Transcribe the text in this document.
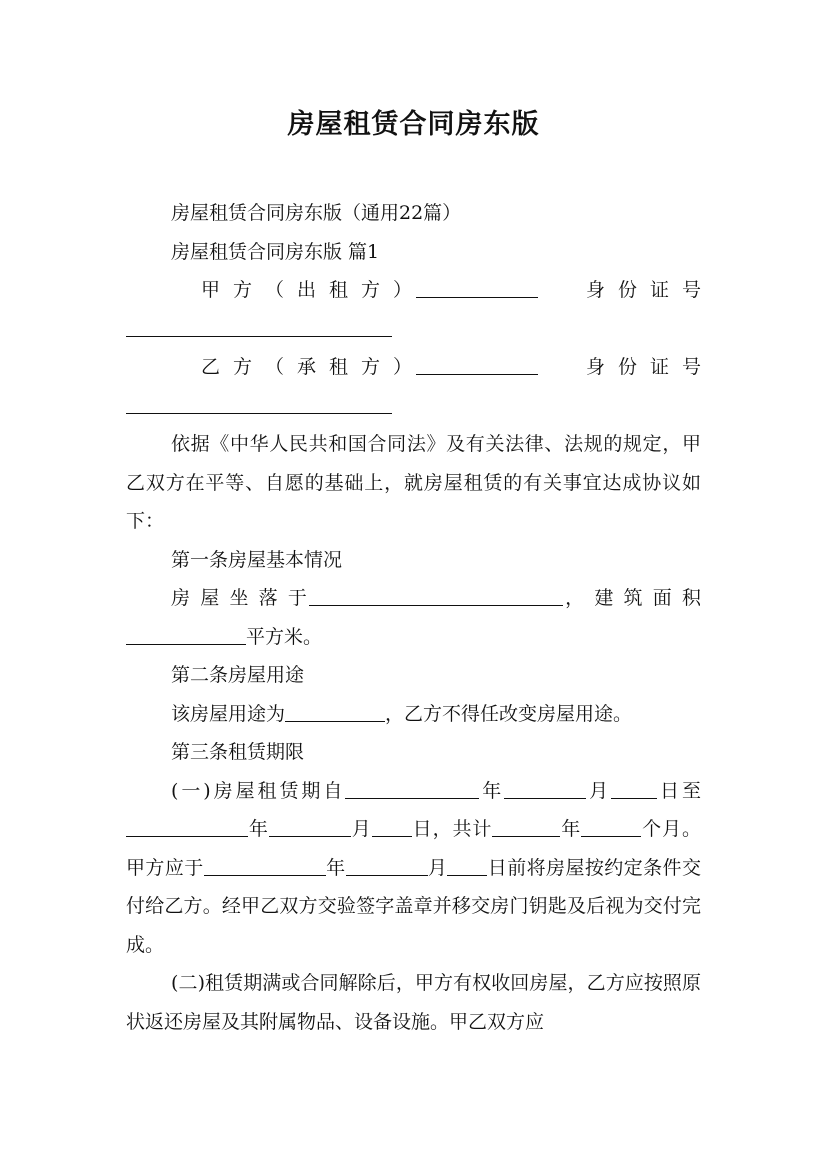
房屋租赁合同房东版

房屋租赁合同房东版（通用22篇）

房屋租赁合同房东版 篇1

甲 方 （ 出 租 方 ）　　	身 份 证 号

乙 方 （ 承 租 方 ）　　	身 份 证 号

依据《中华人民共和国合同法》及有关法律、法规的规定，甲乙双方在平等、自愿的基础上，就房屋租赁的有关事宜达成协议如下：

第一条房屋基本情况

房 屋 坐 落 于	， 建 筑 面 积平方米。

第二条房屋用途

该房屋用途为	，乙方不得任改变房屋用途。

第三条租赁期限

(一)房屋租赁期自	年	月 日至年	月 日，共计	年	个月。甲方应于	年	月 日前将房屋按约定条件交付给乙方。经甲乙双方交验签字盖章并移交房门钥匙及后视为交付完成。

(二)租赁期满或合同解除后，甲方有权收回房屋，乙方应按照原状返还房屋及其附属物品、设备设施。甲乙双方应
